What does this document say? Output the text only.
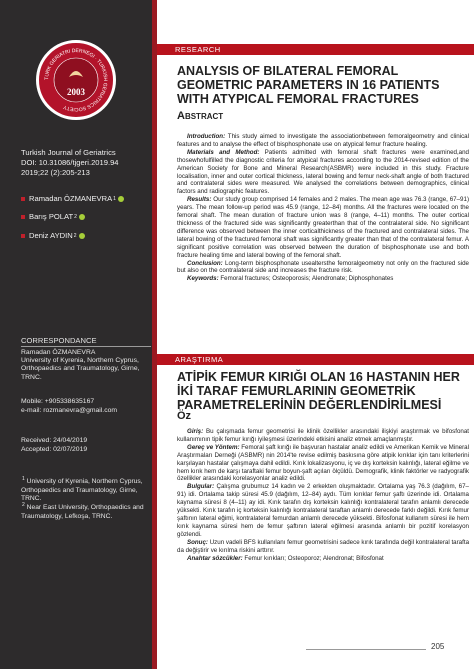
TURK GERIATRI DERNEGI · TURKISH GERIATRICS SOCIETY
2003
Turkish Journal of Geriatrics
DOI: 10.31086/tjgeri.2019.94
2019;22 (2):205-213
Ramadan ÖZMANEVRA 1
Barış POLAT 2
Deniz AYDIN 2
CORRESPONDANCE
Ramadan ÖZMANEVRA
University of Kyrenia, Northern Cyprus, Orthopaedics and Traumatology, Girne, TRNC.
Mobile: +905338635167
e-mail: rozmanevra@gmail.com
Received: 24/04/2019
Accepted: 02/07/2019
$^1$ University of Kyrenia, Northern Cyprus, Orthopaedics and Traumatology, Girne, TRNC.
$^2$ Near East University, Orthopaedics and Traumatology, Lefkoşa, TRNC.
RESEARCH
ANALYSIS OF BILATERAL FEMORAL GEOMETRIC PARAMETERS IN 16 PATIENTS WITH ATYPICAL FEMORAL FRACTURES
Abstract

Introduction: This study aimed to investigate the associationbetween femoralgeometry and clinical features and to analyse the effect of bisphosphonate use on atypical femur fracture healing.

Materials and Method: Patients admitted with femoral shaft fractures were examined,and thosewhofulfilled the diagnostic criteria for atypical fractures according to the 2014-revised edition of the American Society for Bone and Mineral Research(ASBMR) were included in this study. Fracture localisation, inner and outer cortical thickness, lateral bowing and femur neck-shaft angle of both fractured and contralateral sides were measured. We analysed the correlations between demographics, clinical factors and radiographic features.

Results: Our study group comprised 14 females and 2 males. The mean age was 76.3 (range, 67–91) years. The mean follow-up period was 45.9 (range, 12–84) months. All the fractures were located on the femoral shaft. The mean duration of fracture union was 8 (range, 4–11) months. The outer cortical thickness of the fractured side was significantly greaterthan that of the contralateral side. No significant difference was observed between the inner corticalthickness of the fractured and contralateral sides. The lateral bowing of the fractured femoral shaft was significantly greater than that of the contralateral femur. A significant positive correlation was observed between the duration of bisphosphonate use and both fracture healing time and lateral bowing of the femoral shaft.

Conclusion: Long-term bisphosphonate usealtersthe femoralgeometry not only on the fractured side but also on the contralateral side and increases the fracture risk.

Keywords: Femoral fractures; Osteoporosis; Alendronate; Diphosphonates

ARAŞTIRMA
ATİPİK FEMUR KIRIĞI OLAN 16 HASTANIN HER İKİ TARAF FEMURLARININ GEOMETRİK PARAMETRELERİNİN DEĞERLENDİRİLMESİ
Öz

Giriş: Bu çalışmada femur geometrisi ile klinik özellikler arasındaki ilişkiyi araştırmak ve bifosfonat kullanımının tipik femur kırığı iyileşmesi üzerindeki etkisini analiz etmek amaçlanmıştır.

Gereç ve Yöntem: Femoral şaft kırığı ile başvuran hastalar analiz edildi ve Amerikan Kemik ve Mineral Araştırmaları Derneği (ASBMR) nin 2014'te revise edilmiş baskısına göre atipik kırıklar için tanı kriterlerini karşılayan hastalar çalışmaya dahil edildi. Kırık lokalizasyonu, iç ve dış korteksin kalınlığı, lateral eğilme ve hem kırık hem de karşı taraftaki femur boyun-şaft açıları ölçüldü. Demografik, klinik faktörler ve radyografik özellikler arasındaki korelasyonlar analiz edildi.

Bulgular: Çalışma grubumuz 14 kadın ve 2 erkekten oluşmaktadır. Ortalama yaş 76.3 (dağılım, 67–91) idi. Ortalama takip süresi 45.9 (dağılım, 12–84) aydı. Tüm kırıklar femur şaftı üzerinde idi. Ortalama kaynama süresi 8 (4–11) ay idi. Kırık tarafın dış korteksin kalınlığı kontralateral tarafın anlamlı derecede yüksekti. Kırık tarafın iç korteksin kalınlığı kontralateral taraftan anlamlı derecede farklı değildi. Kırık femur şaftının lateral eğimi, kontralateral femurdan anlamlı derecede yüksekti. Bifosfonat kullanım süresi ile hem kırık kaynama süresi hem de femur şaftının lateral eğilmesi arasında anlamlı bir pozitif korelasyon gözlendi.

Sonuç: Uzun vadeli BFS kullanılanı femur geometrisini sadece kırık tarafında değil kontralateral tarafta da değiştirir ve kırılma riskini arttırır.

Anahtar sözcükler: Femur kırıkları; Osteoporoz; Alendronat; Bifosfonat

205
